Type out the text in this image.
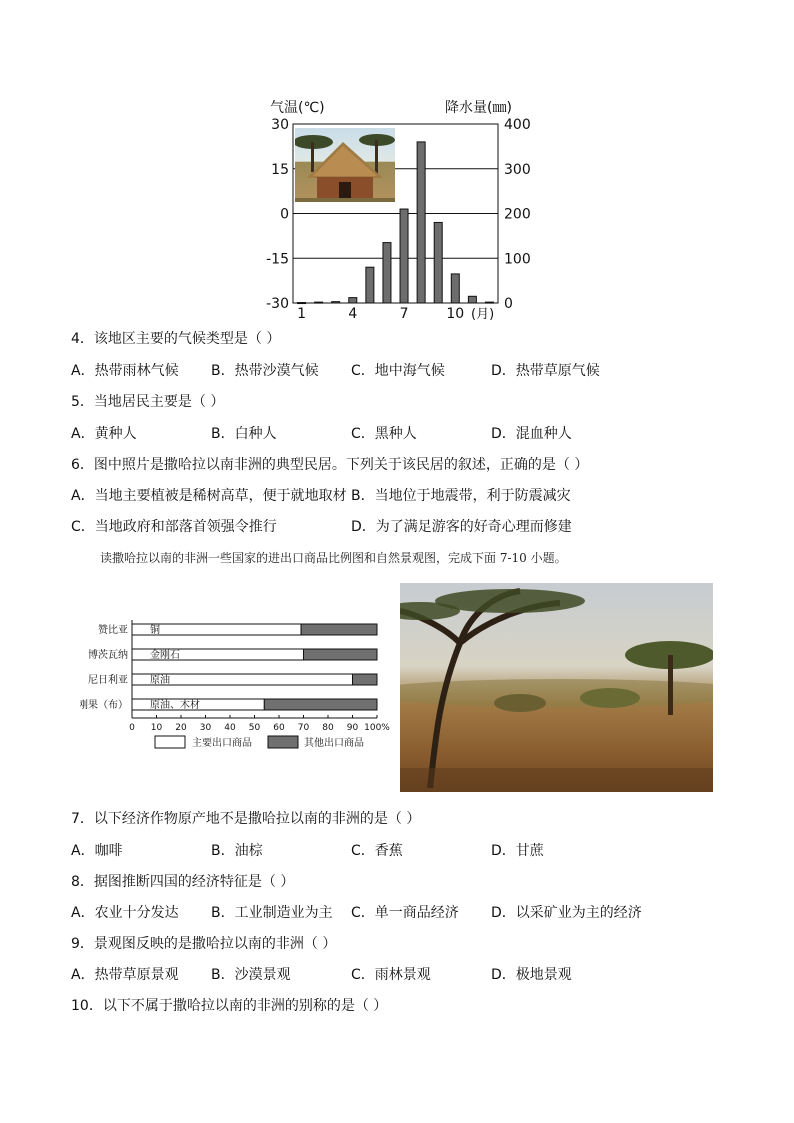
气温(℃)	降水量(㎜)
30	400
15	300
0	200
-15	100
-30	0
1	4	7	10 (月)
4．该地区主要的气候类型是（ ）
A．热带雨林气候 B．热带沙漠气候 C．地中海气候	D．热带草原气候
5．当地居民主要是（ ）
A．黄种人	B．白种人	C．黑种人	D．混血种人
6．图中照片是撒哈拉以南非洲的典型民居。下列关于该民居的叙述，正确的是（ ）
A．当地主要植被是稀树高草，便于就地取材 B．当地位于地震带，利于防震减灾
C．当地政府和部落首领强令推行	D．为了满足游客的好奇心理而修建
读撒哈拉以南的非洲一些国家的进出口商品比例图和自然景观图，完成下面 7-10 小题。
赞比亚 铜
博茨瓦纳 金刚石
尼日利亚 原油
刚果（布） 原油、木材
0 10 20 30 40 50 60 70 80 90 100%
主要出口商品	其他出口商品
7．以下经济作物原产地不是撒哈拉以南的非洲的是（ ）
A．咖啡	B．油棕	C．香蕉	D．甘蔗
8．据图推断四国的经济特征是（ ）
A．农业十分发达 B．工业制造业为主 C．单一商品经济 D．以采矿业为主的经济
9．景观图反映的是撒哈拉以南的非洲（ ）
A．热带草原景观 B．沙漠景观	C．雨林景观	D．极地景观
10．以下不属于撒哈拉以南的非洲的别称的是（ ）
